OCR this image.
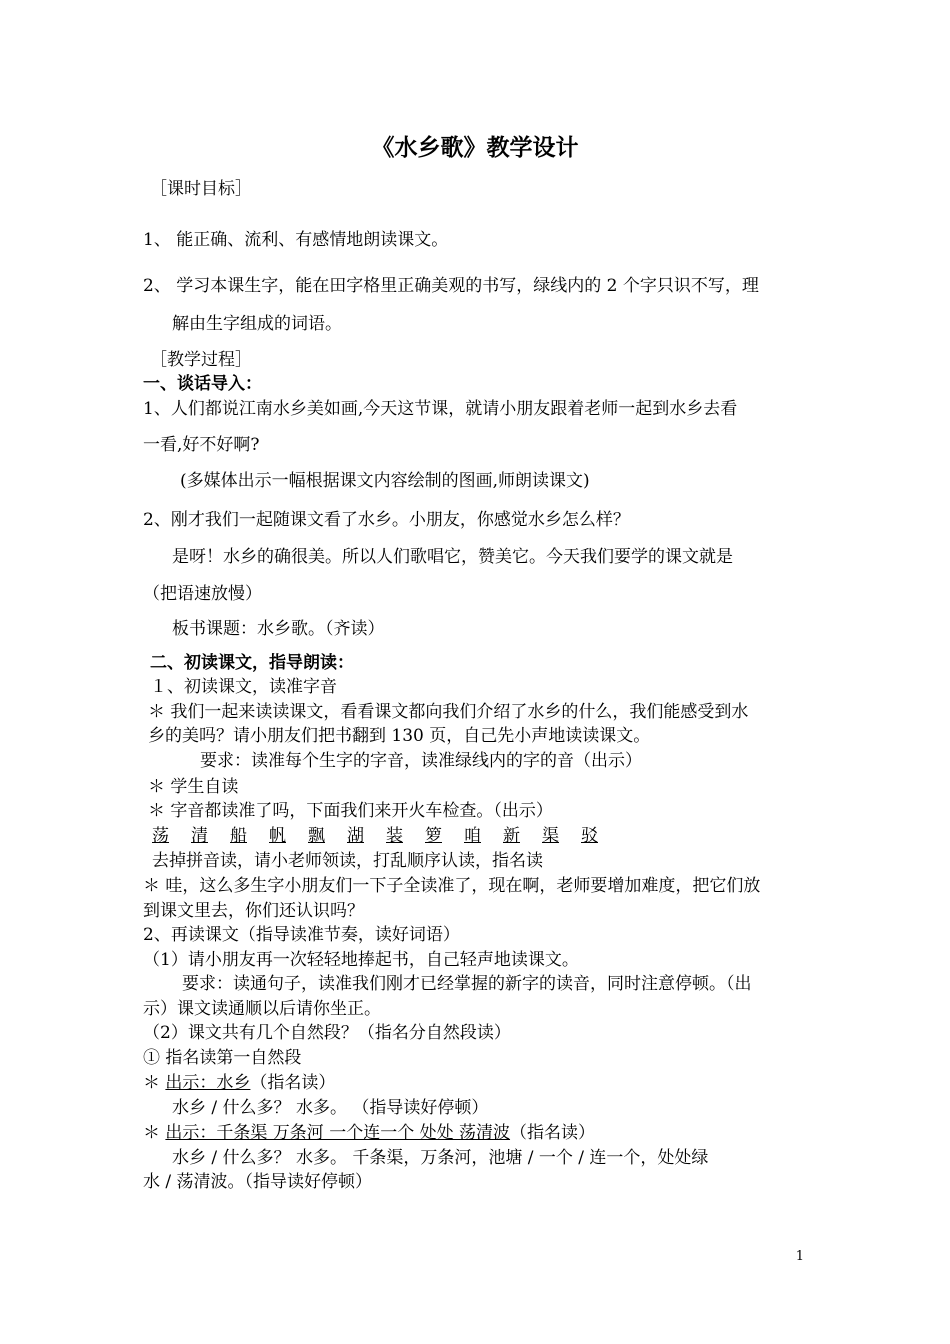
《水乡歌》教学设计
［课时目标］
1、 能正确、流利、有感情地朗读课文。
2、 学习本课生字，能在田字格里正确美观的书写，绿线内的 2 个字只识不写，理
解由生字组成的词语。
［教学过程］
一、谈话导入：
1、人们都说江南水乡美如画,今天这节课，就请小朋友跟着老师一起到水乡去看
一看,好不好啊?
(多媒体出示一幅根据课文内容绘制的图画,师朗读课文)
2、刚才我们一起随课文看了水乡。小朋友，你感觉水乡怎么样？
是呀！水乡的确很美。所以人们歌唱它，赞美它。今天我们要学的课文就是
（把语速放慢）
板书课题：水乡歌。（齐读）
二、初读课文，指导朗读：
１、初读课文，读准字音
＊ 我们一起来读读课文，看看课文都向我们介绍了水乡的什么，我们能感受到水
乡的美吗？请小朋友们把书翻到 130 页，自己先小声地读读课文。
要求：读准每个生字的字音，读准绿线内的字的音（出示）
＊ 学生自读
＊ 字音都读准了吗，下面我们来开火车检查。（出示）
荡	清	船	帆	飘	湖	装	箩	咱	新	渠	驳
去掉拼音读，请小老师领读，打乱顺序认读，指名读
＊ 哇，这么多生字小朋友们一下子全读准了，现在啊，老师要增加难度，把它们放
到课文里去，你们还认识吗？
2、再读课文（指导读准节奏，读好词语）
（1）请小朋友再一次轻轻地捧起书，自己轻声地读课文。
要求：读通句子，读准我们刚才已经掌握的新字的读音，同时注意停顿。（出
示）课文读通顺以后请你坐正。
（2）课文共有几个自然段？（指名分自然段读）
① 指名读第一自然段
＊ 出示：水乡（指名读）
水乡 / 什么多？ 水多。 （指导读好停顿）
＊ 出示：千条渠 万条河 一个连一个 处处 荡清波（指名读）
水乡 / 什么多？ 水多。 千条渠，万条河，池塘 / 一个 / 连一个，处处绿
水 / 荡清波。（指导读好停顿）
1
